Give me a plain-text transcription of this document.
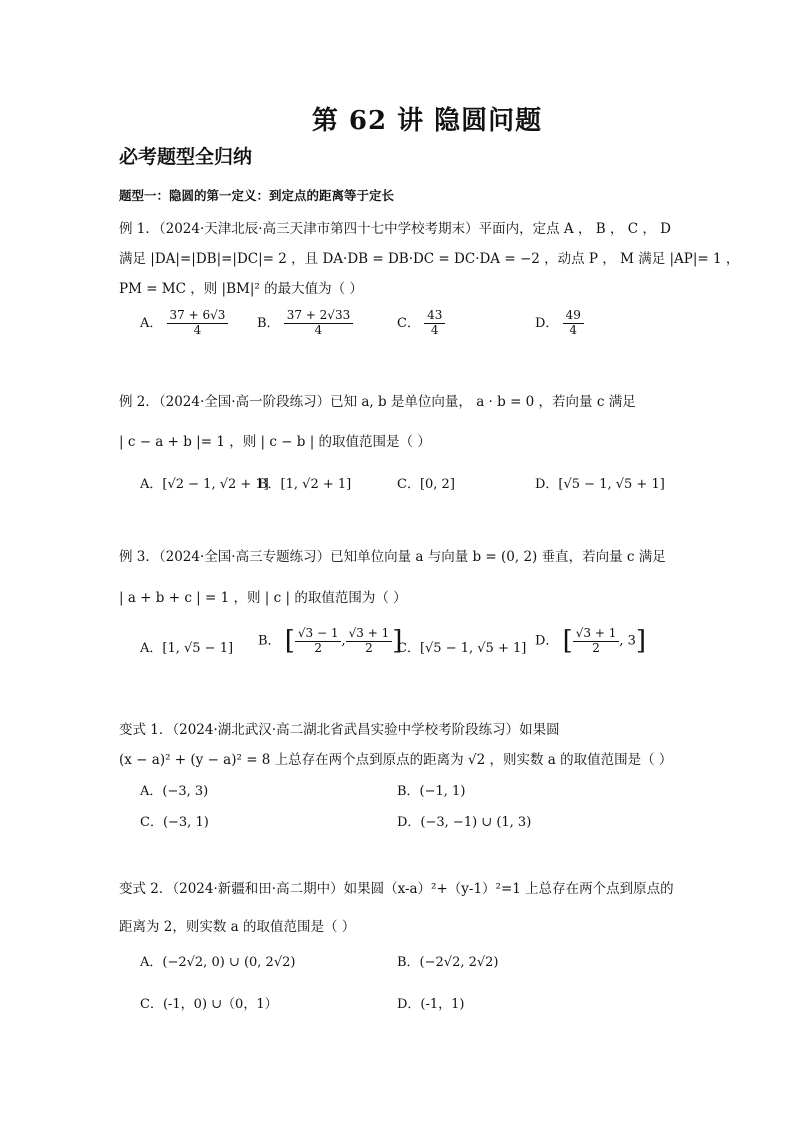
第 62 讲 隐圆问题
必考题型全归纳
题型一：隐圆的第一定义：到定点的距离等于定长
例 1．（2024·天津北辰·高三天津市第四十七中学校考期末）平面内，定点 A ， B ， C ， D
满足 |DA|=|DB|=|DC|= 2 ，且 DA·DB = DB·DC = DC·DA = −2 ，动点 P ， M 满足 |AP|= 1 ，
PM = MC ，则 |BM|² 的最大值为（ ）
A． $\frac{37 + 6√3}{4}$ B． $\frac{37 + 2√33}{4}$	C． $\frac{43}{4}$	D． $\frac{49}{4}$
例 2．（2024·全国·高一阶段练习）已知 a, b 是单位向量， a · b = 0 ，若向量 c 满足
| c − a + b |= 1 ，则 | c − b | 的取值范围是（ ）
A．[√2 − 1, √2 + 1]
B．[1, √2 + 1]	C．[0, 2]	D．[√5 − 1, √5 + 1]
例 3．（2024·全国·高三专题练习）已知单位向量 a 与向量 b = (0, 2) 垂直，若向量 c 满足
| a + b + c | = 1 ，则 | c | 的取值范围为（ ）
A．[1, √5 − 1] B． [ $\frac{√3 - 1}{2}$ , $\frac{√3 + 1}{2}$ ]
C．[√5 − 1, √5 + 1] D． [ $\frac{√3 + 1}{2}$ , 3]
变式 1．（2024·湖北武汉·高二湖北省武昌实验中学校考阶段练习）如果圆
(x − a)² + (y − a)² = 8 上总存在两个点到原点的距离为 √2 ，则实数 a 的取值范围是（ ）
A．(−3, 3)	B．(−1, 1)
C．(−3, 1)	D．(−3, −1) ∪ (1, 3)
变式 2．（2024·新疆和田·高二期中）如果圆（x-a）²+（y-1）²=1 上总存在两个点到原点的
距离为 2，则实数 a 的取值范围是（ ）
A．(−2√2, 0) ∪ (0, 2√2)	B．(−2√2, 2√2)
C．(-1，0) ∪（0，1）	D．(-1，1)
